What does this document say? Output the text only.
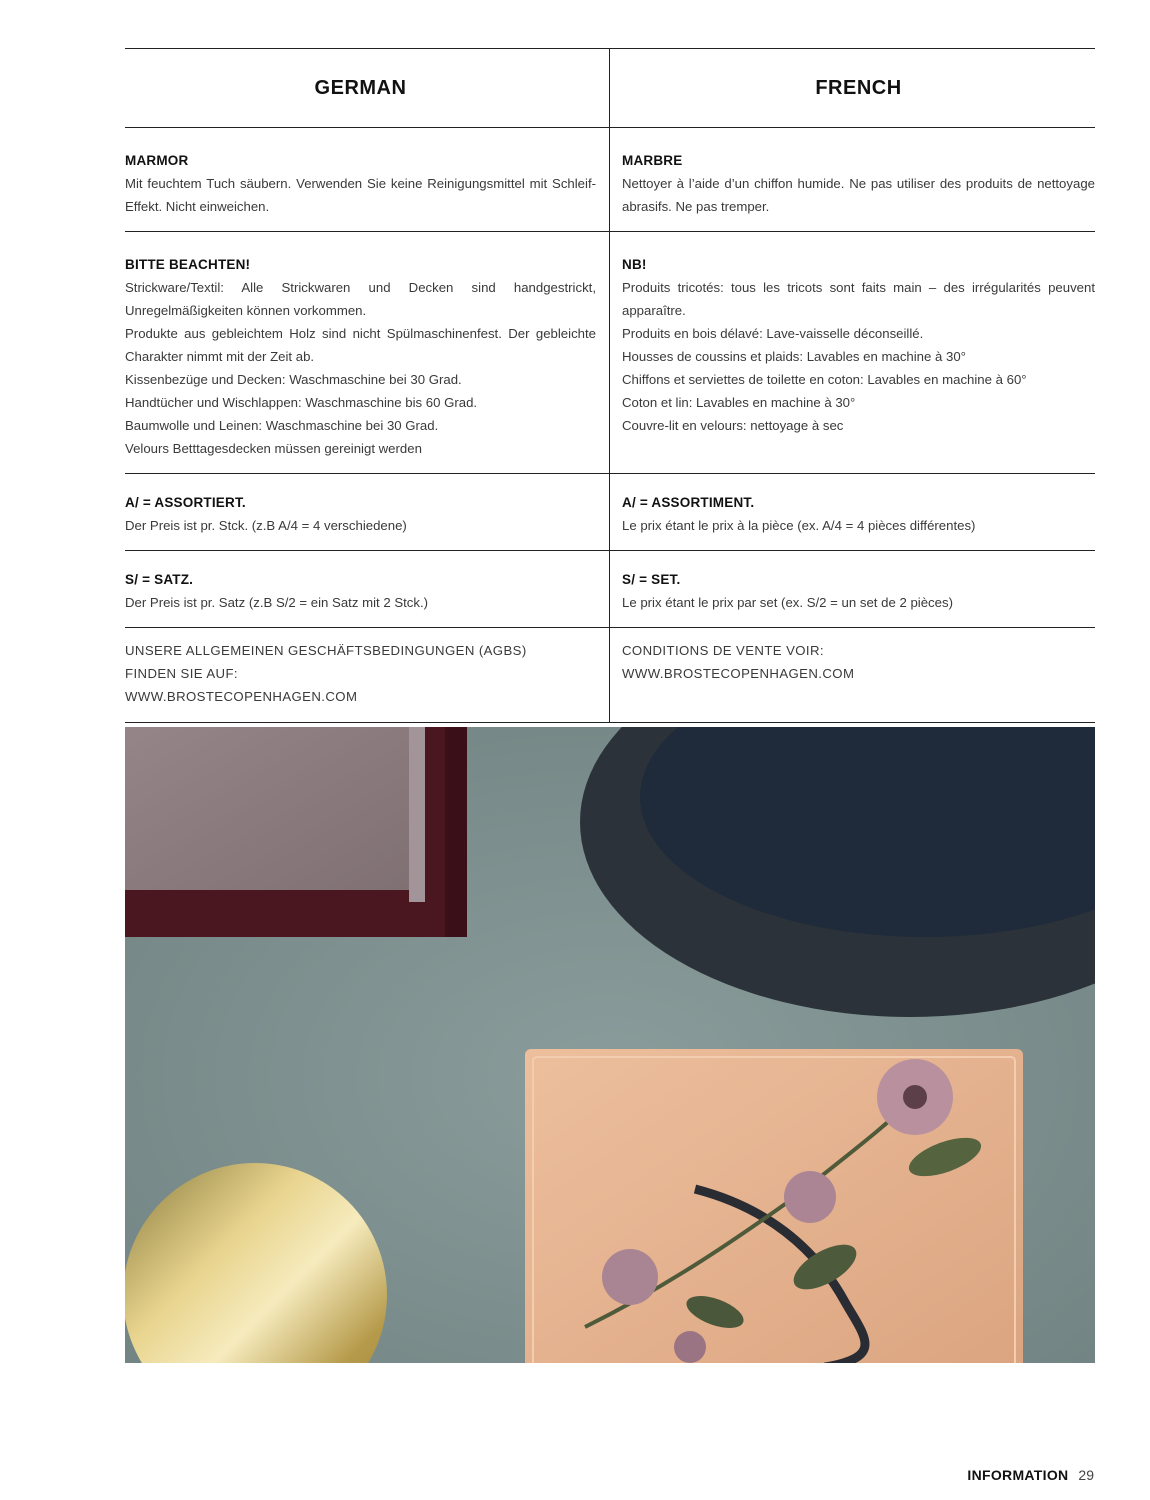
GERMAN	FRENCH
MARMOR
Mit feuchtem Tuch säubern. Verwenden Sie keine Reinigungsmittel mit Schleif-Effekt. Nicht einweichen.
MARBRE
Nettoyer à l’aide d’un chiffon humide. Ne pas utiliser des produits de nettoyage abrasifs. Ne pas tremper.
BITTE BEACHTEN!
Strickware/Textil: Alle Strickwaren und Decken sind handgestrickt, Unregelmäßigkeiten können vorkommen.
Produkte aus gebleichtem Holz sind nicht Spülmaschinenfest. Der gebleichte Charakter nimmt mit der Zeit ab.
Kissenbezüge und Decken: Waschmaschine bei 30 Grad.
Handtücher und Wischlappen: Waschmaschine bis 60 Grad.
Baumwolle und Leinen: Waschmaschine bei 30 Grad.
Velours Betttagesdecken müssen gereinigt werden
NB!
Produits tricotés: tous les tricots sont faits main – des irrégularités peuvent apparaître.
Produits en bois délavé: Lave-vaisselle déconseillé.
Housses de coussins et plaids: Lavables en machine à 30°
Chiffons et serviettes de toilette en coton: Lavables en machine à 60°
Coton et lin: Lavables en machine à 30°
Couvre-lit en velours: nettoyage à sec
A/ = ASSORTIERT.
Der Preis ist pr. Stck. (z.B A/4 = 4 verschiedene)
A/ = ASSORTIMENT.
Le prix étant le prix à la pièce (ex. A/4 = 4 pièces différentes)
S/ = SATZ.
Der Preis ist pr. Satz (z.B S/2 = ein Satz mit 2 Stck.)
S/ = SET.
Le prix étant le prix par set (ex. S/2 = un set de 2 pièces)
UNSERE ALLGEMEINEN GESCHÄFTSBEDINGUNGEN (AGBS)
FINDEN SIE AUF:
WWW.BROSTECOPENHAGEN.COM
CONDITIONS DE VENTE VOIR:
WWW.BROSTECOPENHAGEN.COM
INFORMATION 29
